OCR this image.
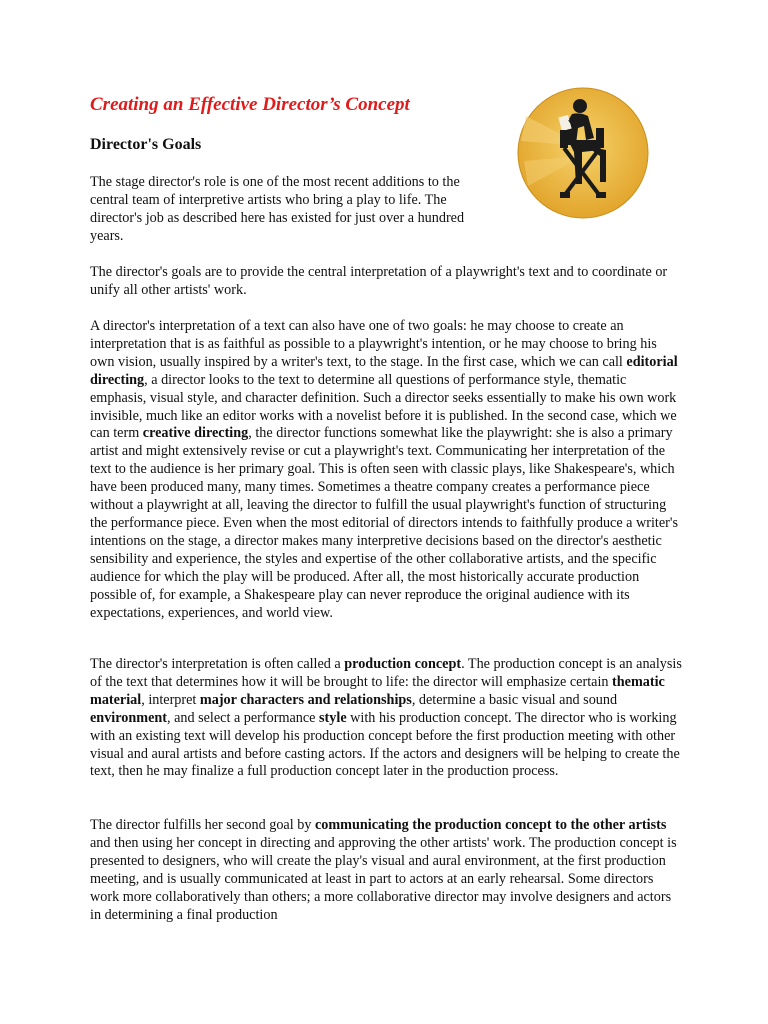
Creating an Effective Director’s Concept
Director's Goals

The stage director's role is one of the most recent additions to the central team of interpretive artists who bring a play to life. The director's job as described here has existed for just over a hundred years.

The director's goals are to provide the central interpretation of a playwright's text and to coordinate or unify all other artists' work.

A director's interpretation of a text can also have one of two goals: he may choose to create an interpretation that is as faithful as possible to a playwright's intention, or he may choose to bring his own vision, usually inspired by a writer's text, to the stage. In the first case, which we can call editorial directing, a director looks to the text to determine all questions of performance style, thematic emphasis, visual style, and character definition. Such a director seeks essentially to make his own work invisible, much like an editor works with a novelist before it is published. In the second case, which we can term creative directing, the director functions somewhat like the playwright: she is also a primary artist and might extensively revise or cut a playwright's text. Communicating her interpretation of the text to the audience is her primary goal. This is often seen with classic plays, like Shakespeare's, which have been produced many, many times. Sometimes a theatre company creates a performance piece without a playwright at all, leaving the director to fulfill the usual playwright's function of structuring the performance piece. Even when the most editorial of directors intends to faithfully produce a writer's intentions on the stage, a director makes many interpretive decisions based on the director's aesthetic sensibility and experience, the styles and expertise of the other collaborative artists, and the specific audience for which the play will be produced. After all, the most historically accurate production possible of, for example, a Shakespeare play can never reproduce the original audience with its expectations, experiences, and world view.

The director's interpretation is often called a production concept. The production concept is an analysis of the text that determines how it will be brought to life: the director will emphasize certain thematic material, interpret major characters and relationships, determine a basic visual and sound environment, and select a performance style with his production concept. The director who is working with an existing text will develop his production concept before the first production meeting with other visual and aural artists and before casting actors. If the actors and designers will be helping to create the text, then he may finalize a full production concept later in the production process.

The director fulfills her second goal by communicating the production concept to the other artists and then using her concept in directing and approving the other artists' work. The production concept is presented to designers, who will create the play's visual and aural environment, at the first production meeting, and is usually communicated at least in part to actors at an early rehearsal. Some directors work more collaboratively than others; a more collaborative director may involve designers and actors in determining a final production
